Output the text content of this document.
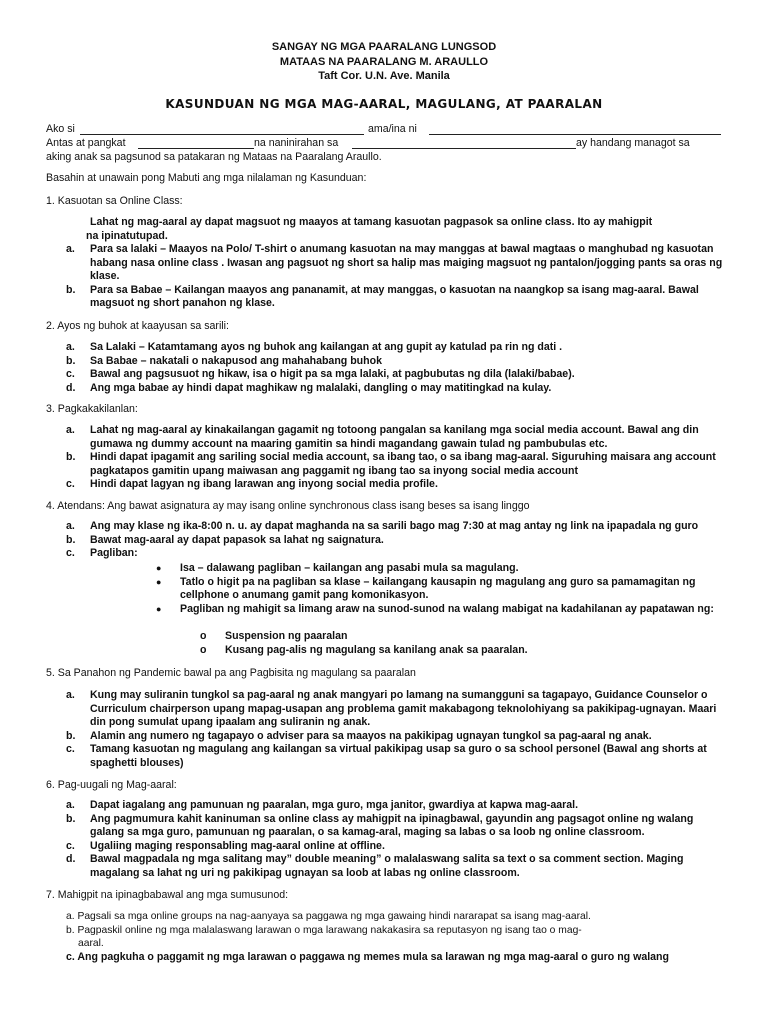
SANGAY NG MGA PAARALANG LUNGSOD
MATAAS NA PAARALANG M. ARAULLO
Taft Cor. U.N. Ave. Manila
KASUNDUAN NG MGA MAG-AARAL, MAGULANG, AT PAARALAN
Ako si	ama/ina ni
Antas at pangkat	na naninirahan sa	ay handang managot sa
aking anak sa pagsunod sa patakaran ng Mataas na Paaralang Araullo.
Basahin at unawain pong Mabuti ang mga nilalaman ng Kasunduan:
1. Kasuotan sa Online Class:
Lahat ng mag-aaral ay dapat magsuot ng maayos at tamang kasuotan pagpasok sa online class. Ito ay mahigpit
na ipinatutupad.
a.	Para sa lalaki – Maayos na Polo/ T-shirt o anumang kasuotan na may manggas at bawal magtaas o manghubad ng kasuotan habang nasa online class . Iwasan ang pagsuot ng short sa halip mas maiging magsuot ng pantalon/jogging pants sa oras ng klase.
b.	Para sa Babae – Kailangan maayos ang pananamit, at may manggas, o kasuotan na naangkop sa isang mag-aaral. Bawal magsuot ng short panahon ng klase.
2. Ayos ng buhok at kaayusan sa sarili:
a.	Sa Lalaki – Katamtamang ayos ng buhok ang kailangan at ang gupit ay katulad pa rin ng dati .
b.	Sa Babae – nakatali o nakapusod ang mahahabang buhok
c.	Bawal ang pagsusuot ng hikaw, isa o higit pa sa mga lalaki, at pagbubutas ng dila (lalaki/babae).
d.	Ang mga babae ay hindi dapat maghikaw ng malalaki, dangling o may matitingkad na kulay.
3. Pagkakakilanlan:
a.	Lahat ng mag-aaral ay kinakailangan gagamit ng totoong pangalan sa kanilang mga social media account. Bawal ang din gumawa ng dummy account na maaring gamitin sa hindi magandang gawain tulad ng pambubulas etc.
b.	Hindi dapat ipagamit ang sariling social media account, sa ibang tao, o sa ibang mag-aaral. Siguruhing maisara ang account pagkatapos gamitin upang maiwasan ang paggamit ng ibang tao sa inyong social media account
c.	Hindi dapat lagyan ng ibang larawan ang inyong social media profile.
4. Atendans: Ang bawat asignatura ay may isang online synchronous class isang beses sa isang linggo
a.	Ang may klase ng ika-8:00 n. u. ay dapat maghanda na sa sarili bago mag 7:30 at mag antay ng link na ipapadala ng guro
b.	Bawat mag-aaral ay dapat papasok sa lahat ng saignatura.
c.	Pagliban:
●	Isa – dalawang pagliban – kailangan ang pasabi mula sa magulang.
●	Tatlo o higit pa na pagliban sa klase – kailangang kausapin ng magulang ang guro sa pamamagitan ng cellphone o anumang gamit pang komonikasyon.
●	Pagliban ng mahigit sa limang araw na sunod-sunod na walang mabigat na kadahilanan ay papatawan ng:
o	Suspension ng paaralan
o	Kusang pag-alis ng magulang sa kanilang anak sa paaralan.
5. Sa Panahon ng Pandemic bawal pa ang Pagbisita ng magulang sa paaralan
a.	Kung may suliranin tungkol sa pag-aaral ng anak mangyari po lamang na sumangguni sa tagapayo, Guidance Counselor o Curriculum chairperson upang mapag-usapan ang problema gamit makabagong teknolohiyang sa pakikipag-ugnayan. Maari din pong sumulat upang ipaalam ang suliranin ng anak.
b.	Alamin ang numero ng tagapayo o adviser para sa maayos na pakikipag ugnayan tungkol sa pag-aaral ng anak.
c.	Tamang kasuotan ng magulang ang kailangan sa virtual pakikipag usap sa guro o sa school personel (Bawal ang shorts at spaghetti blouses)
6. Pag-uugali ng Mag-aaral:
a.	Dapat iagalang ang pamunuan ng paaralan, mga guro, mga janitor, gwardiya at kapwa mag-aaral.
b.	Ang pagmumura kahit kaninuman sa online class ay mahigpit na ipinagbawal, gayundin ang pagsagot online ng walang galang sa mga guro, pamunuan ng paaralan, o sa kamag-aral, maging sa labas o sa loob ng online classroom.
c.	Ugaliing maging responsabling mag-aaral online at offline.
d.	Bawal magpadala ng mga salitang may” double meaning” o malalaswang salita sa text o sa comment section. Maging magalang sa lahat ng uri ng pakikipag ugnayan sa loob at labas ng online classroom.
7. Mahigpit na ipinagbabawal ang mga sumusunod:
a. Pagsali sa mga online groups na nag-aanyaya sa paggawa ng mga gawaing hindi nararapat sa isang mag-aaral.
b. Pagpaskil online ng mga malalaswang larawan o mga larawang nakakasira sa reputasyon ng isang tao o mag-
aaral.
c. Ang pagkuha o paggamit ng mga larawan o paggawa ng memes mula sa larawan ng mga mag-aaral o guro ng walang
